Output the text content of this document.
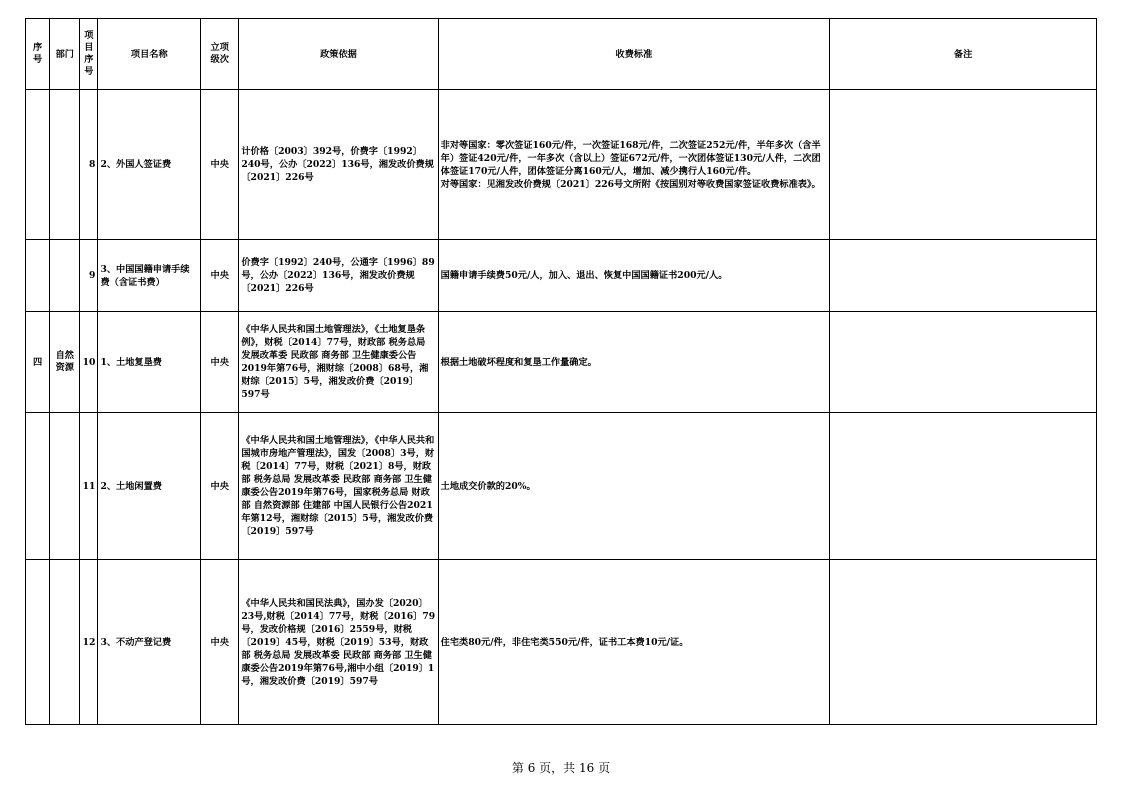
序号	部门	项目序号	项目名称	立项级次	政策依据	收费标准	备注
		8	2、外国人签证费	中央	计价格〔2003〕392号，价费字〔1992〕240号，公办〔2022〕136号，湘发改价费规〔2021〕226号	非对等国家：零次签证160元/件，一次签证168元/件，二次签证252元/件，半年多次（含半年）签证420元/件，一年多次（含以上）签证672元/件，一次团体签证130元/人件，二次团体签证170元/人件，团体签证分离160元/人，增加、减少携行人160元/件。
对等国家：见湘发改价费规〔2021〕226号文所附《按国别对等收费国家签证收费标准表》。	
		9	3、中国国籍申请手续费（含证书费）	中央	价费字〔1992〕240号，公通字〔1996〕89号，公办〔2022〕136号，湘发改价费规〔2021〕226号	国籍申请手续费50元/人，加入、退出、恢复中国国籍证书200元/人。	
四	自然资源	10	1、土地复垦费	中央	《中华人民共和国土地管理法》，《土地复垦条例》，财税〔2014〕77号，财政部 税务总局 发展改革委 民政部 商务部 卫生健康委公告2019年第76号，湘财综〔2008〕68号，湘财综〔2015〕5号，湘发改价费〔2019〕597号	根据土地破坏程度和复垦工作量确定。	
		11	2、土地闲置费	中央	《中华人民共和国土地管理法》，《中华人民共和国城市房地产管理法》，国发〔2008〕3号，财税〔2014〕77号，财税〔2021〕8号，财政部 税务总局 发展改革委 民政部 商务部 卫生健康委公告2019年第76号，国家税务总局 财政部 自然资源部 住建部 中国人民银行公告2021年第12号，湘财综〔2015〕5号，湘发改价费〔2019〕597号	土地成交价款的20%。	
		12	3、不动产登记费	中央	《中华人民共和国民法典》，国办发〔2020〕23号,财税〔2014〕77号，财税〔2016〕79号，发改价格规〔2016〕2559号，财税〔2019〕45号，财税〔2019〕53号，财政部 税务总局 发展改革委 民政部 商务部 卫生健康委公告2019年第76号,湘中小组〔2019〕1号，湘发改价费〔2019〕597号	住宅类80元/件，非住宅类550元/件，证书工本费10元/证。	
第 6 页，共 16 页
